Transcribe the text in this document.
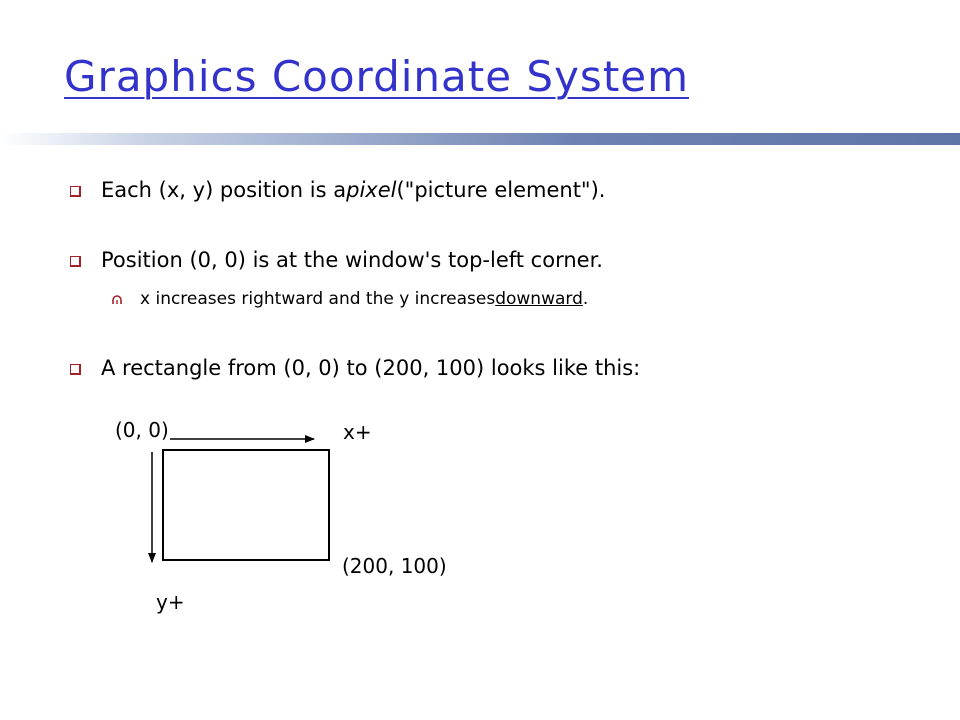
Graphics Coordinate System
Each (x, y) position is a pixel ("picture element").
Position (0, 0) is at the window's top-left corner.
x increases rightward and the y increases downward .
A rectangle from (0, 0) to (200, 100) looks like this:
(0, 0)	x+
(200, 100)
y+
